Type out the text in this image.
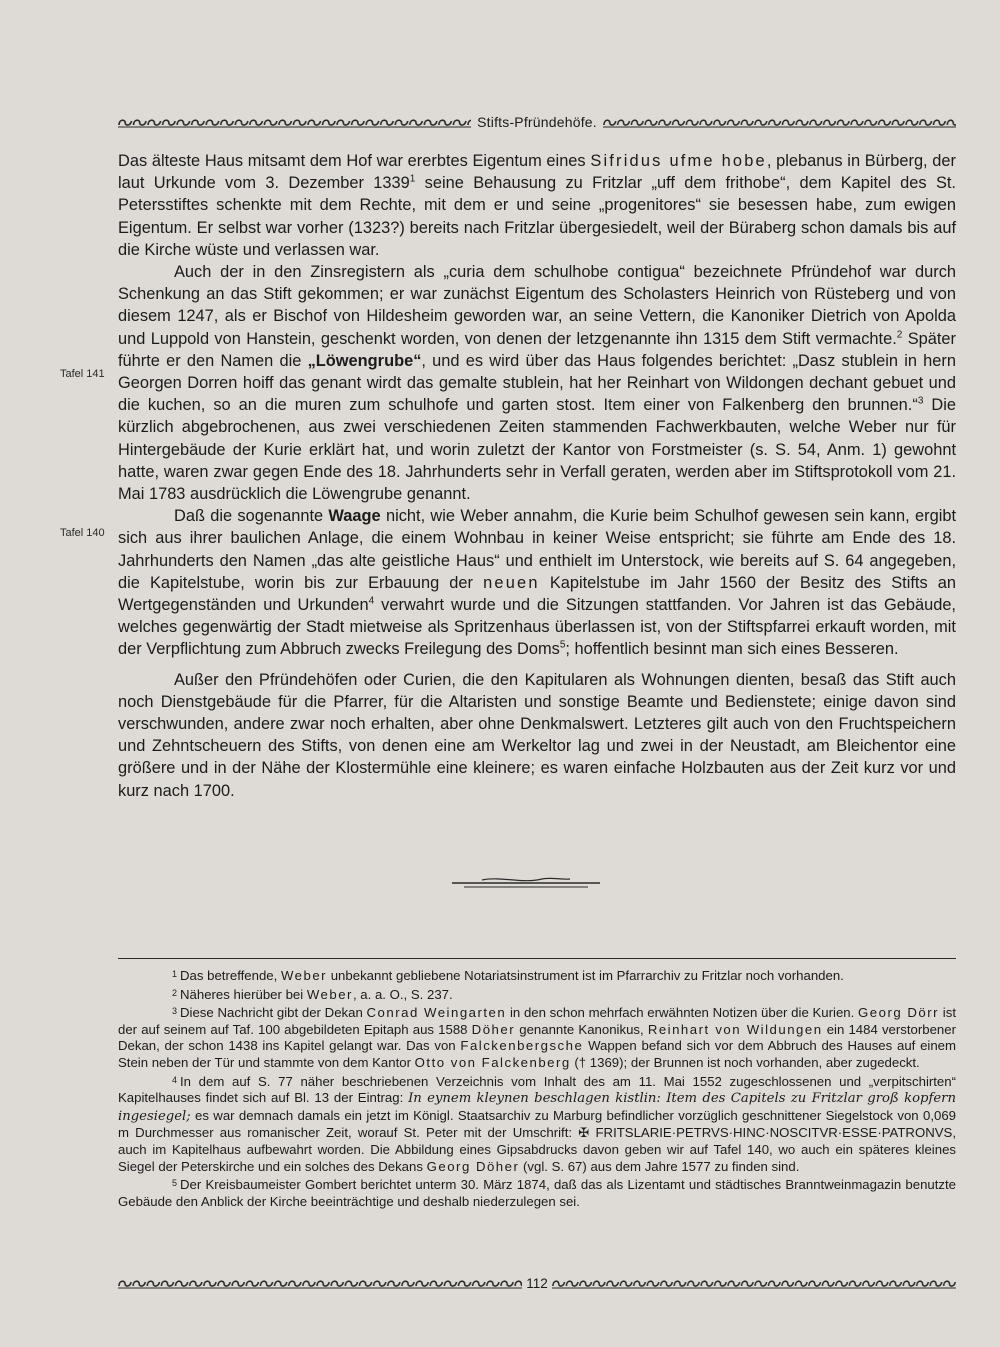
Stifts-Pfründehöfe.
Tafel 141
Tafel 140

Das älteste Haus mitsamt dem Hof war ererbtes Eigentum eines Sifridus ufme hobe, plebanus in Bürberg, der laut Urkunde vom 3. Dezember 1339$^1$ seine Behausung zu Fritzlar „uff dem frithobe“, dem Kapitel des St. Petersstiftes schenkte mit dem Rechte, mit dem er und seine „progenitores“ sie besessen habe, zum ewigen Eigentum. Er selbst war vorher (1323?) bereits nach Fritzlar übergesiedelt, weil der Büraberg schon damals bis auf die Kirche wüste und verlassen war.

Auch der in den Zinsregistern als „curia dem schulhobe contigua“ bezeichnete Pfründehof war durch Schenkung an das Stift gekommen; er war zunächst Eigentum des Scholasters Heinrich von Rüsteberg und von diesem 1247, als er Bischof von Hildesheim geworden war, an seine Vettern, die Kanoniker Dietrich von Apolda und Luppold von Hanstein, geschenkt worden, von denen der letzgenannte ihn 1315 dem Stift vermachte.$^2$ Später führte er den Namen die „Löwengrube“, und es wird über das Haus folgendes berichtet: „Dasz stublein in hern Georgen Dorren hoiff das genant wirdt das gemalte stublein, hat her Reinhart von Wildongen dechant gebuet und die kuchen, so an die muren zum schulhofe und garten stost. Item einer von Falkenberg den brunnen.“$^3$ Die kürzlich abgebrochenen, aus zwei verschiedenen Zeiten stammenden Fachwerkbauten, welche Weber nur für Hintergebäude der Kurie erklärt hat, und worin zuletzt der Kantor von Forstmeister (s. S. 54, Anm. 1) gewohnt hatte, waren zwar gegen Ende des 18. Jahrhunderts sehr in Verfall geraten, werden aber im Stiftsprotokoll vom 21. Mai 1783 ausdrücklich die Löwengrube genannt.

Daß die sogenannte Waage nicht, wie Weber annahm, die Kurie beim Schulhof gewesen sein kann, ergibt sich aus ihrer baulichen Anlage, die einem Wohnbau in keiner Weise entspricht; sie führte am Ende des 18. Jahrhunderts den Namen „das alte geistliche Haus“ und enthielt im Unterstock, wie bereits auf S. 64 angegeben, die Kapitelstube, worin bis zur Erbauung der neuen Kapitelstube im Jahr 1560 der Besitz des Stifts an Wertgegenständen und Urkunden$^4$ verwahrt wurde und die Sitzungen stattfanden. Vor Jahren ist das Gebäude, welches gegenwärtig der Stadt mietweise als Spritzenhaus überlassen ist, von der Stiftspfarrei erkauft worden, mit der Verpflichtung zum Abbruch zwecks Freilegung des Doms$^5$; hoffentlich besinnt man sich eines Besseren.

Außer den Pfründehöfen oder Curien, die den Kapitularen als Wohnungen dienten, besaß das Stift auch noch Dienstgebäude für die Pfarrer, für die Altaristen und sonstige Beamte und Bedienstete; einige davon sind verschwunden, andere zwar noch erhalten, aber ohne Denkmalswert. Letzteres gilt auch von den Fruchtspeichern und Zehntscheuern des Stifts, von denen eine am Werkeltor lag und zwei in der Neustadt, am Bleichentor eine größere und in der Nähe der Klostermühle eine kleinere; es waren einfache Holzbauten aus der Zeit kurz vor und kurz nach 1700.

$^1$ Das betreffende, Weber unbekannt gebliebene Notariatsinstrument ist im Pfarrarchiv zu Fritzlar noch vorhanden.

$^2$ Näheres hierüber bei Weber, a. a. O., S. 237.

$^3$ Diese Nachricht gibt der Dekan Conrad Weingarten in den schon mehrfach erwähnten Notizen über die Kurien. Georg Dörr ist der auf seinem auf Taf. 100 abgebildeten Epitaph aus 1588 Döher genannte Kanonikus, Reinhart von Wildungen ein 1484 verstorbener Dekan, der schon 1438 ins Kapitel gelangt war. Das von Falckenbergsche Wappen befand sich vor dem Abbruch des Hauses auf einem Stein neben der Tür und stammte von dem Kantor Otto von Falckenberg († 1369); der Brunnen ist noch vorhanden, aber zugedeckt.

$^4$ In dem auf S. 77 näher beschriebenen Verzeichnis vom Inhalt des am 11. Mai 1552 zugeschlossenen und „verpitschirten“ Kapitelhauses findet sich auf Bl. 13 der Eintrag: In eynem kleynen beschlagen kistlin: Item des Capitels zu Fritzlar groß kopfern ingesiegel; es war demnach damals ein jetzt im Königl. Staatsarchiv zu Marburg befindlicher vorzüglich geschnittener Siegelstock von 0,069 m Durchmesser aus romanischer Zeit, worauf St. Peter mit der Umschrift: ✠ FRITSLARIE·PETRVS·HINC·NOSCITVR·ESSE·PATRONVS, auch im Kapitelhaus aufbewahrt worden. Die Abbildung eines Gipsabdrucks davon geben wir auf Tafel 140, wo auch ein späteres kleines Siegel der Peterskirche und ein solches des Dekans Georg Döher (vgl. S. 67) aus dem Jahre 1577 zu finden sind.

$^5$ Der Kreisbaumeister Gombert berichtet unterm 30. März 1874, daß das als Lizentamt und städtisches Branntweinmagazin benutzte Gebäude den Anblick der Kirche beeinträchtige und deshalb niederzulegen sei.

112
